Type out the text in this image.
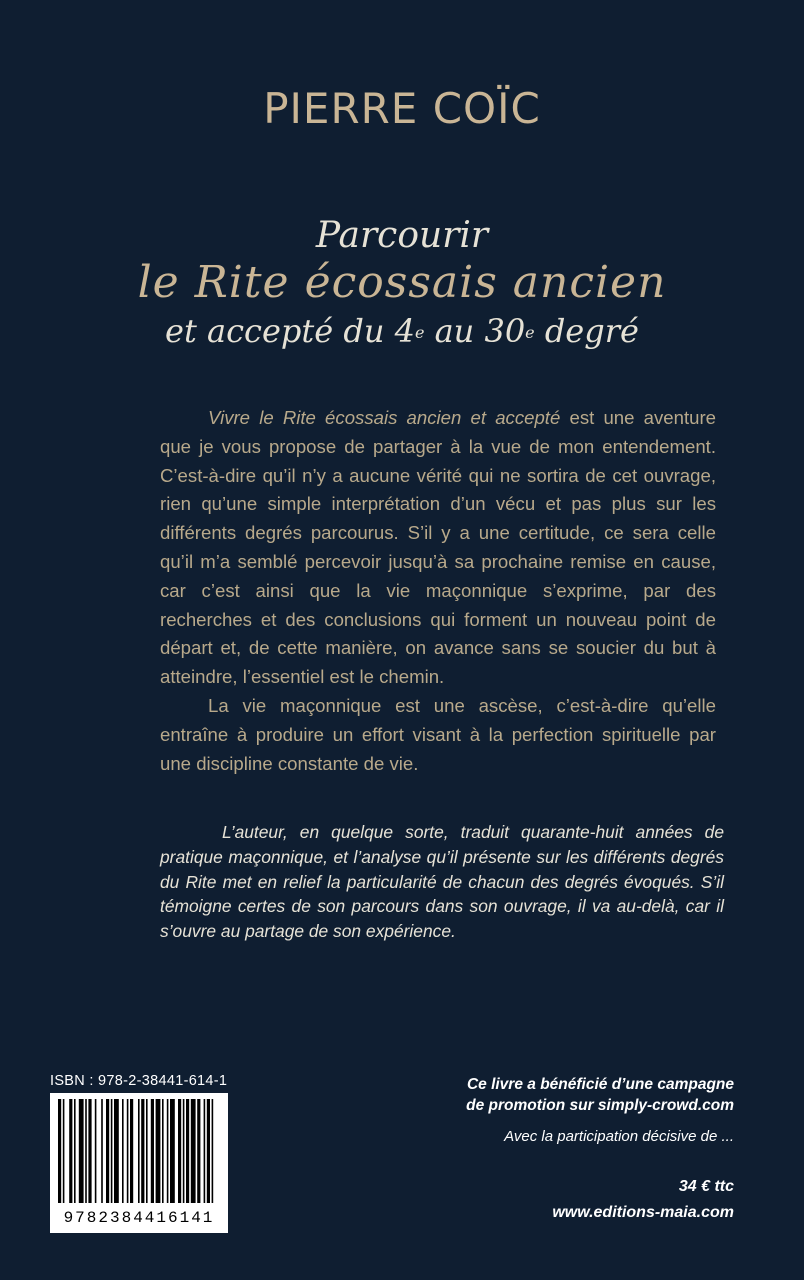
PIERRE COÏC
Parcourir
le Rite écossais ancien
et accepté du 4e au 30e degré

Vivre le Rite écossais ancien et accepté est une aventure que je vous propose de partager à la vue de mon entendement. C’est-à-dire qu’il n’y a aucune vérité qui ne sortira de cet ouvrage, rien qu’une simple interprétation d’un vécu et pas plus sur les différents degrés parcourus. S’il y a une certitude, ce sera celle qu’il m’a semblé percevoir jusqu’à sa prochaine remise en cause, car c’est ainsi que la vie maçonnique s’exprime, par des recherches et des conclusions qui forment un nouveau point de départ et, de cette manière, on avance sans se soucier du but à atteindre, l’essentiel est le chemin.

La vie maçonnique est une ascèse, c’est-à-dire qu’elle entraîne à produire un effort visant à la perfection spirituelle par une discipline constante de vie.

L’auteur, en quelque sorte, traduit quarante-huit années de pratique maçonnique, et l’analyse qu’il présente sur les différents degrés du Rite met en relief la particularité de chacun des degrés évoqués. S’il témoigne certes de son parcours dans son ouvrage, il va au-delà, car il s’ouvre au partage de son expérience.

ISBN : 978-2-38441-614-1

9782384416141
Ce livre a bénéficié d’une campagne
de promotion sur simply-crowd.com
Avec la participation décisive de ...

34 € ttc

www.editions-maia.com
